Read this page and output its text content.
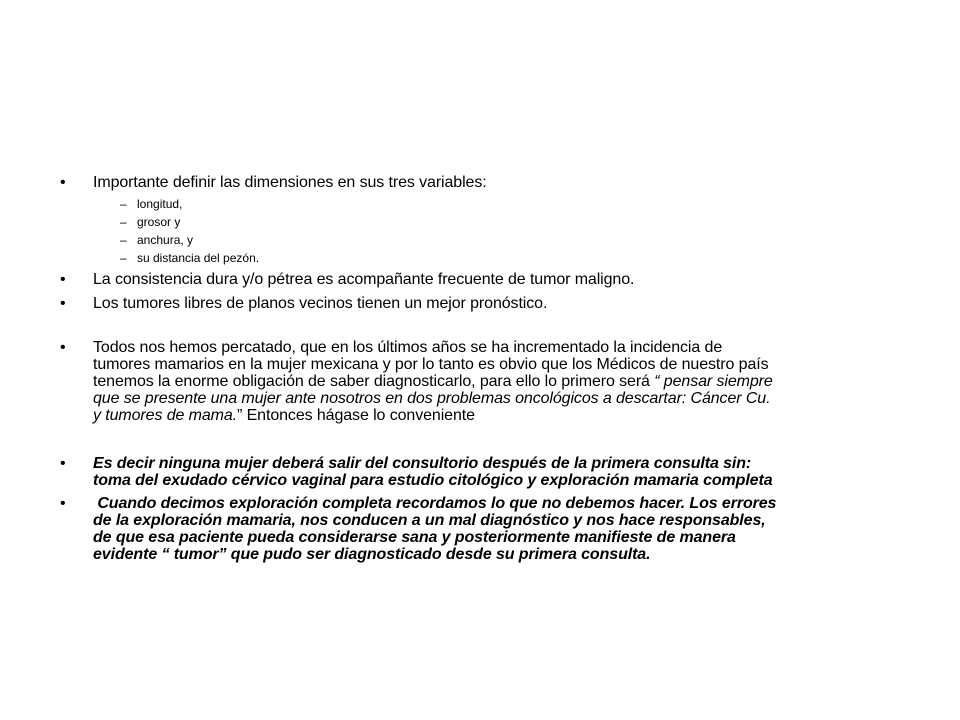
• Importante definir las dimensiones en sus tres variables:
– longitud,
– grosor y
– anchura, y
– su distancia del pezón.
• La consistencia dura y/o pétrea es acompañante frecuente de tumor maligno.
• Los tumores libres de planos vecinos tienen un mejor pronóstico.
• Todos nos hemos percatado, que en los últimos años se ha incrementado la incidencia de
tumores mamarios en la mujer mexicana y por lo tanto es obvio que los Médicos de nuestro país
tenemos la enorme obligación de saber diagnosticarlo, para ello lo primero será “ pensar siempre
que se presente una mujer ante nosotros en dos problemas oncológicos a descartar: Cáncer Cu.
y tumores de mama.” Entonces hágase lo conveniente
• Es decir ninguna mujer deberá salir del consultorio después de la primera consulta sin:
toma del exudado cérvico vaginal para estudio citológico y exploración mamaria completa
• Cuando decimos exploración completa recordamos lo que no debemos hacer. Los errores
de la exploración mamaria, nos conducen a un mal diagnóstico y nos hace responsables,
de que esa paciente pueda considerarse sana y posteriormente manifieste de manera
evidente “ tumor” que pudo ser diagnosticado desde su primera consulta.
